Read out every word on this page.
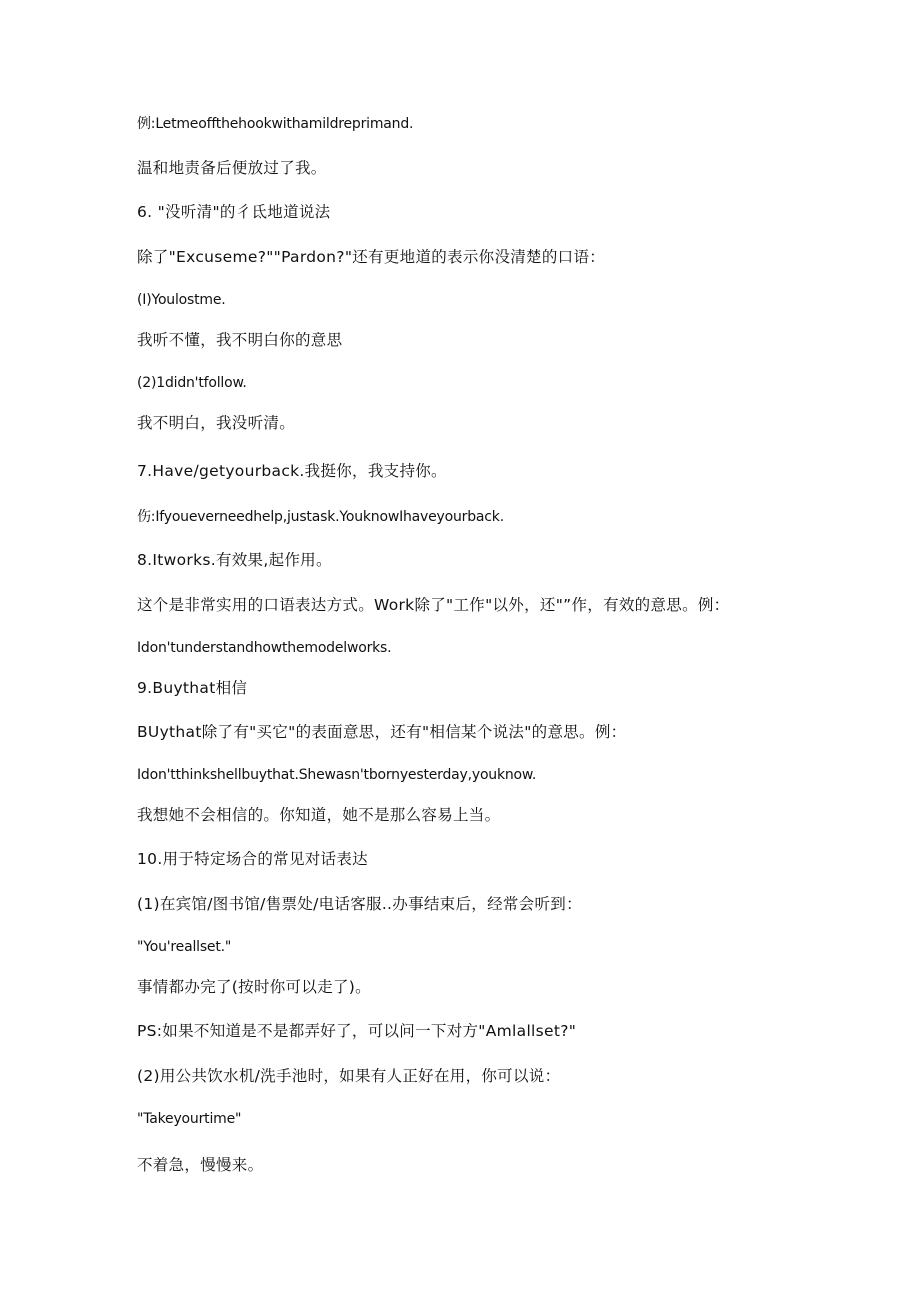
例:Letmeoffthehookwithamildreprimand.
温和地责备后便放过了我。
6. "没听清"的彳氐地道说法
除了"Excuseme?""Pardon?"还有更地道的表示你没清楚的口语：
(I)Youlostme.
我听不懂，我不明白你的意思
(2)1didn'tfollow.
我不明白，我没听清。
7.Have∕getyourback.我挺你，我支持你。
伤:Ifyoueverneedhelp,justask.YouknowIhaveyourback.
8.Itworks.有效果,起作用。
这个是非常实用的口语表达方式。Work除了"工作"以外，还"”作，有效的意思。例：
Idon'tunderstandhowthemodelworks.
9.Buythat相信
BUythat除了有"买它"的表面意思，还有"相信某个说法"的意思。例：
Idon'tthinkshellbuythat.Shewasn'tbornyesterday,youknow.
我想她不会相信的。你知道，她不是那么容易上当。
10.用于特定场合的常见对话表达
(1)在宾馆/图书馆/售票处/电话客服..办事结束后，经常会听到：
"You'reallset."
事情都办完了(按时你可以走了)。
PS:如果不知道是不是都弄好了，可以问一下对方"Amlallset?"
(2)用公共饮水机/洗手池时，如果有人正好在用，你可以说：
"Takeyourtime"
不着急，慢慢来。
